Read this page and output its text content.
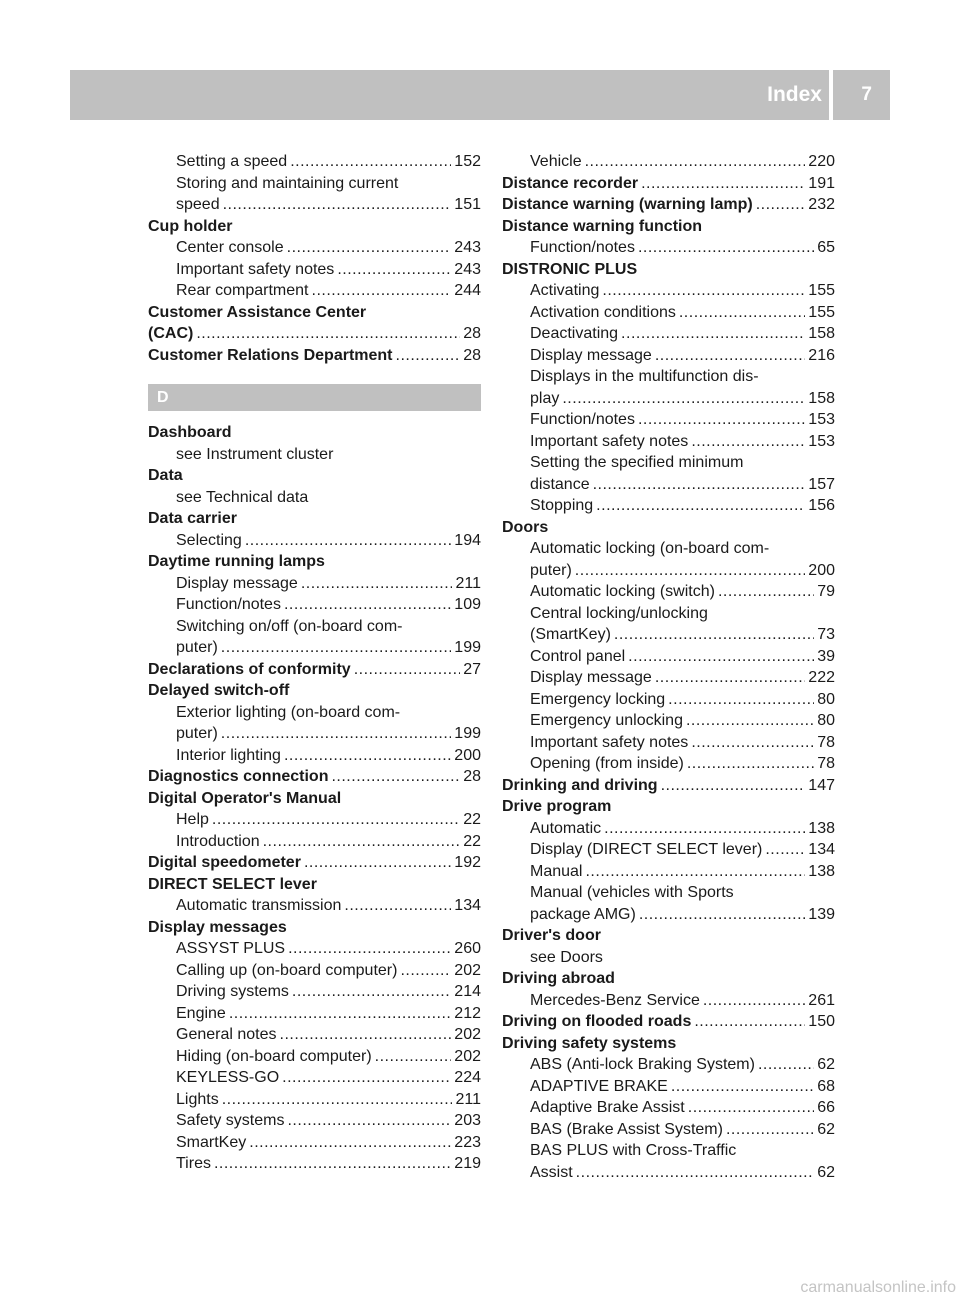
Index 7
Setting a speed .....	152
Storing and maintaining current
speed .....	151
Cup holder
Center console .....	243
Important safety notes .....	243
Rear compartment .....	244
Customer Assistance Center
(CAC) .....	28
Customer Relations Department .....	28
D
Dashboard
see Instrument cluster
Data
see Technical data
Data carrier
Selecting .....	194
Daytime running lamps
Display message .....	211
Function/notes .....	109
Switching on/off (on-board com-
puter) .....	199
Declarations of conformity .....	27
Delayed switch-off
Exterior lighting (on-board com-
puter) .....	199
Interior lighting .....	200
Diagnostics connection .....	28
Digital Operator's Manual
Help .....	22
Introduction .....	22
Digital speedometer .....	192
DIRECT SELECT lever
Automatic transmission .....	134
Display messages
ASSYST PLUS .....	260
Calling up (on-board computer) .....	202
Driving systems .....	214
Engine .....	212
General notes .....	202
Hiding (on-board computer) .....	202
KEYLESS-GO .....	224
Lights .....	211
Safety systems .....	203
SmartKey .....	223
Tires .....	219
Vehicle .....	220
Distance recorder .....	191
Distance warning (warning lamp) .....	232
Distance warning function
Function/notes .....	65
DISTRONIC PLUS
Activating .....	155
Activation conditions .....	155
Deactivating .....	158
Display message .....	216
Displays in the multifunction dis-
play .....	158
Function/notes .....	153
Important safety notes .....	153
Setting the specified minimum
distance .....	157
Stopping .....	156
Doors
Automatic locking (on-board com-
puter) .....	200
Automatic locking (switch) .....	79
Central locking/unlocking
(SmartKey) .....	73
Control panel .....	39
Display message .....	222
Emergency locking .....	80
Emergency unlocking .....	80
Important safety notes .....	78
Opening (from inside) .....	78
Drinking and driving .....	147
Drive program
Automatic .....	138
Display (DIRECT SELECT lever) .....	134
Manual .....	138
Manual (vehicles with Sports
package AMG) .....	139
Driver's door
see Doors
Driving abroad
Mercedes-Benz Service .....	261
Driving on flooded roads .....	150
Driving safety systems
ABS (Anti-lock Braking System) .....	62
ADAPTIVE BRAKE .....	68
Adaptive Brake Assist .....	66
BAS (Brake Assist System) .....	62
BAS PLUS with Cross-Traffic
Assist .....	62
carmanualsonline.info
